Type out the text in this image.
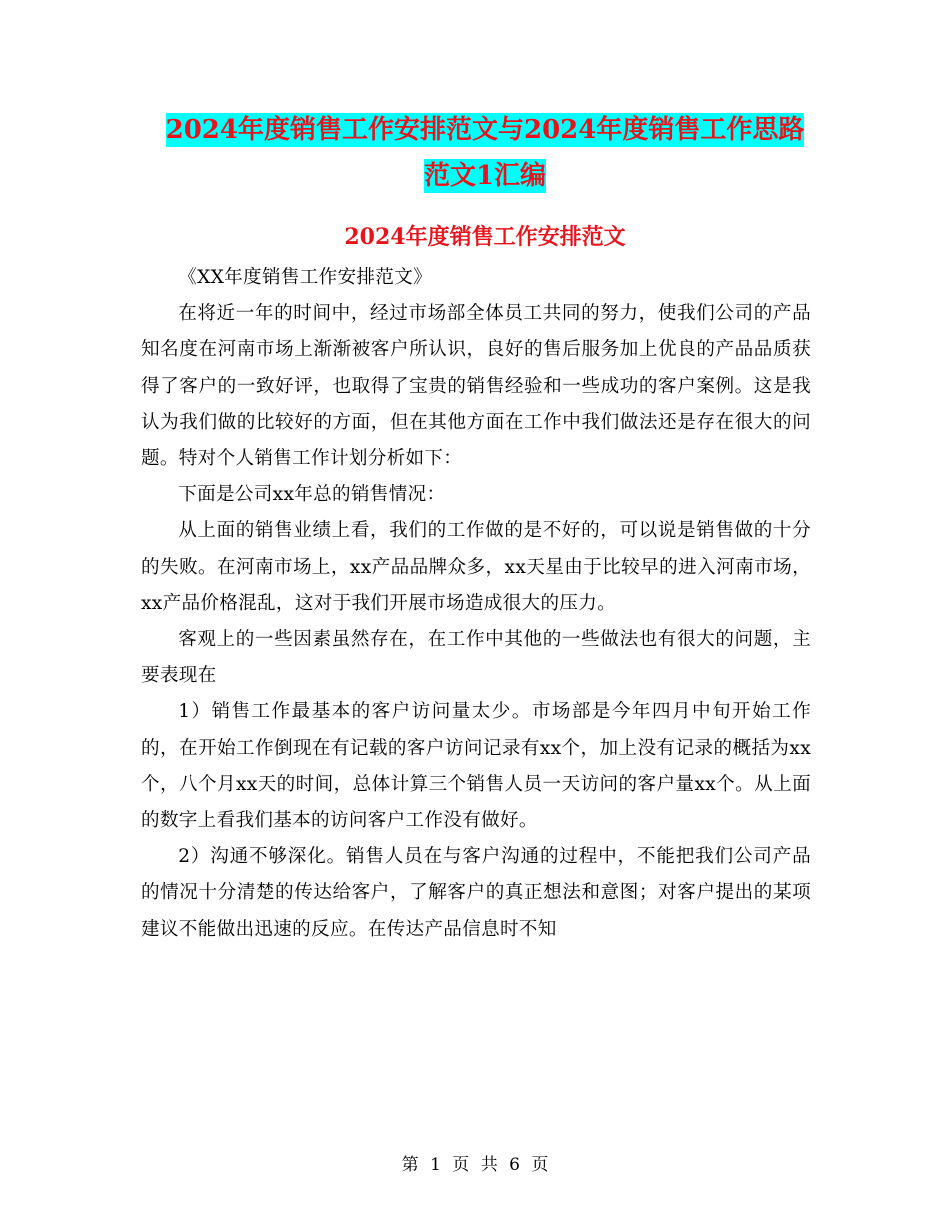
2024年度销售工作安排范文与2024年度销售工作思路
范文1汇编
2024年度销售工作安排范文

《XX年度销售工作安排范文》

在将近一年的时间中，经过市场部全体员工共同的努力，使我们公司的产品知名度在河南市场上渐渐被客户所认识，良好的售后服务加上优良的产品品质获得了客户的一致好评，也取得了宝贵的销售经验和一些成功的客户案例。这是我认为我们做的比较好的方面，但在其他方面在工作中我们做法还是存在很大的问题。特对个人销售工作计划分析如下：

下面是公司xx年总的销售情况：

从上面的销售业绩上看，我们的工作做的是不好的，可以说是销售做的十分的失败。在河南市场上，xx产品品牌众多，xx天星由于比较早的进入河南市场，xx产品价格混乱，这对于我们开展市场造成很大的压力。

客观上的一些因素虽然存在，在工作中其他的一些做法也有很大的问题，主要表现在

1）销售工作最基本的客户访问量太少。市场部是今年四月中旬开始工作的，在开始工作倒现在有记载的客户访问记录有xx个，加上没有记录的概括为xx个，八个月xx天的时间，总体计算三个销售人员一天访问的客户量xx个。从上面的数字上看我们基本的访问客户工作没有做好。

2）沟通不够深化。销售人员在与客户沟通的过程中，不能把我们公司产品的情况十分清楚的传达给客户，了解客户的真正想法和意图；对客户提出的某项建议不能做出迅速的反应。在传达产品信息时不知

第 1 页 共 6 页
